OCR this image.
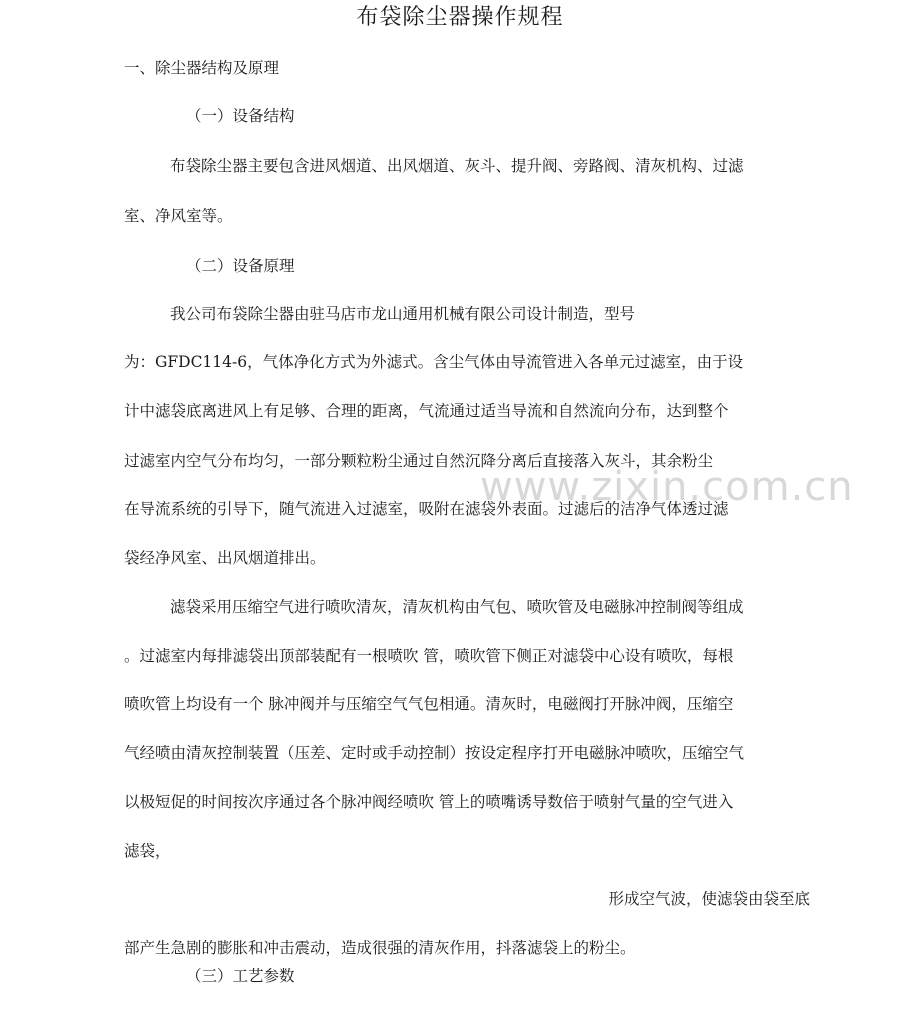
布袋除尘器操作规程
www.zixin.com.cn
一、除尘器结构及原理
（一）设备结构
布袋除尘器主要包含进风烟道、出风烟道、灰斗、提升阀、旁路阀、清灰机构、过滤
室、净风室等。
（二）设备原理
我公司布袋除尘器由驻马店市龙山通用机械有限公司设计制造，型号
为：GFDC114-6，气体净化方式为外滤式。含尘气体由导流管进入各单元过滤室，由于设
计中滤袋底离进风上有足够、合理的距离，气流通过适当导流和自然流向分布，达到整个
过滤室内空气分布均匀，一部分颗粒粉尘通过自然沉降分离后直接落入灰斗，其余粉尘
在导流系统的引导下，随气流进入过滤室，吸附在滤袋外表面。过滤后的洁净气体透过滤
袋经净风室、出风烟道排出。
滤袋采用压缩空气进行喷吹清灰，清灰机构由气包、喷吹管及电磁脉冲控制阀等组成
。过滤室内每排滤袋出顶部装配有一根喷吹 管，喷吹管下侧正对滤袋中心设有喷吹，每根
喷吹管上均设有一个 脉冲阀并与压缩空气气包相通。清灰时，电磁阀打开脉冲阀，压缩空
气经喷由清灰控制装置（压差、定时或手动控制）按设定程序打开电磁脉冲喷吹，压缩空气
以极短促的时间按次序通过各个脉冲阀经喷吹 管上的喷嘴诱导数倍于喷射气量的空气进入
滤袋，
形成空气波，使滤袋由袋至底
部产生急剧的膨胀和冲击震动，造成很强的清灰作用，抖落滤袋上的粉尘。
（三）工艺参数
